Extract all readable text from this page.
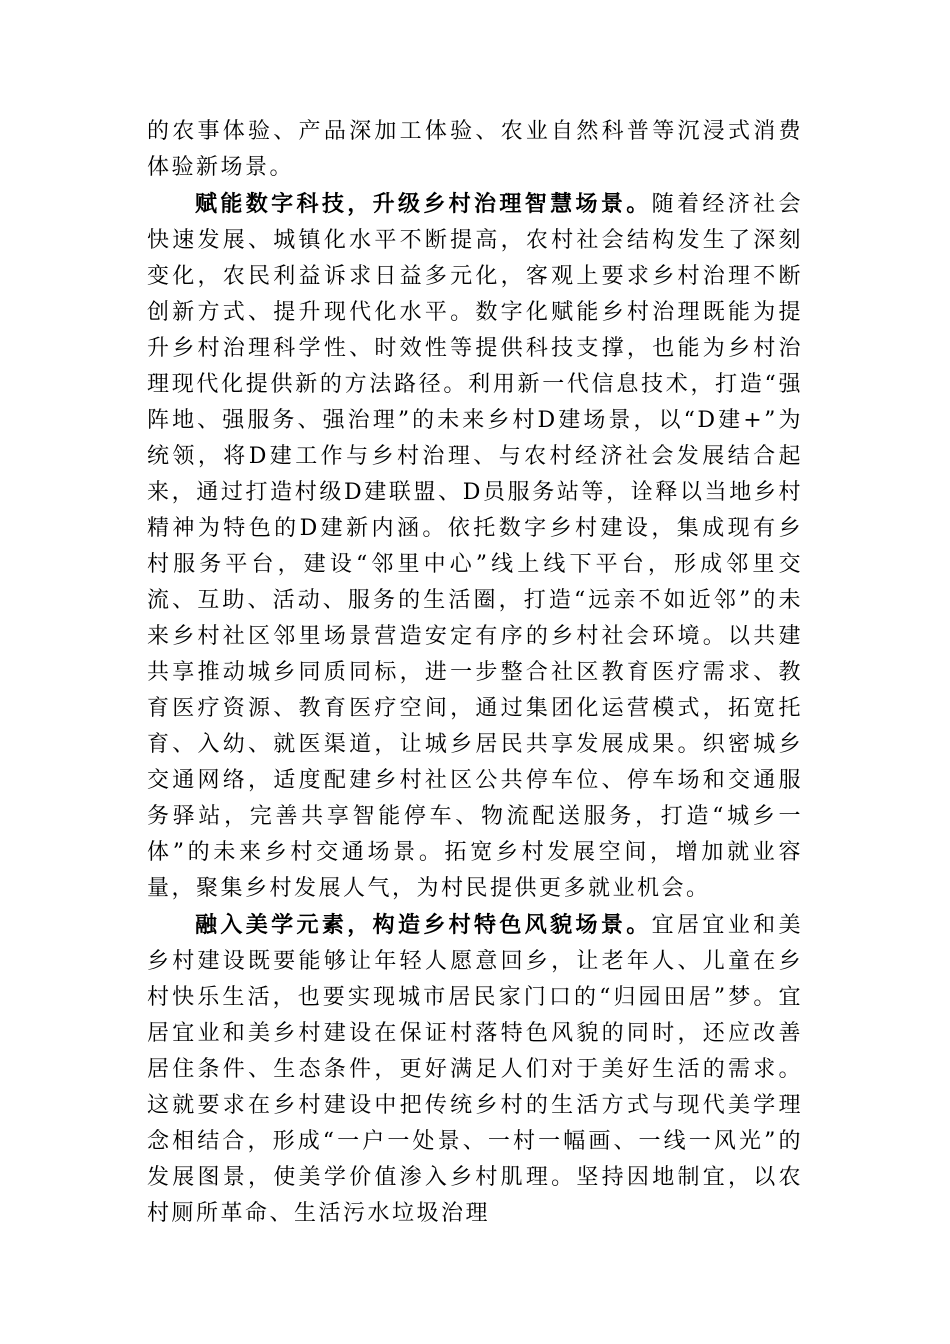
的农事体验、产品深加工体验、农业自然科普等沉浸式消费体验新场景。

赋能数字科技，升级乡村治理智慧场景。随着经济社会快速发展、城镇化水平不断提高，农村社会结构发生了深刻变化，农民利益诉求日益多元化，客观上要求乡村治理不断创新方式、提升现代化水平。数字化赋能乡村治理既能为提升乡村治理科学性、时效性等提供科技支撑，也能为乡村治理现代化提供新的方法路径。利用新一代信息技术，打造“强阵地、强服务、强治理”的未来乡村D建场景，以“D建+”为统领，将D建工作与乡村治理、与农村经济社会发展结合起来，通过打造村级D建联盟、D员服务站等，诠释以当地乡村精神为特色的D建新内涵。依托数字乡村建设，集成现有乡村服务平台，建设“邻里中心”线上线下平台，形成邻里交流、互助、活动、服务的生活圈，打造“远亲不如近邻”的未来乡村社区邻里场景营造安定有序的乡村社会环境。以共建共享推动城乡同质同标，进一步整合社区教育医疗需求、教育医疗资源、教育医疗空间，通过集团化运营模式，拓宽托育、入幼、就医渠道，让城乡居民共享发展成果。织密城乡交通网络，适度配建乡村社区公共停车位、停车场和交通服务驿站，完善共享智能停车、物流配送服务，打造“城乡一体”的未来乡村交通场景。拓宽乡村发展空间，增加就业容量，聚集乡村发展人气，为村民提供更多就业机会。

融入美学元素，构造乡村特色风貌场景。宜居宜业和美乡村建设既要能够让年轻人愿意回乡，让老年人、儿童在乡村快乐生活，也要实现城市居民家门口的“归园田居”梦。宜居宜业和美乡村建设在保证村落特色风貌的同时，还应改善居住条件、生态条件，更好满足人们对于美好生活的需求。这就要求在乡村建设中把传统乡村的生活方式与现代美学理念相结合，形成“一户一处景、一村一幅画、一线一风光”的发展图景，使美学价值渗入乡村肌理。坚持因地制宜，以农村厕所革命、生活污水垃圾治理
